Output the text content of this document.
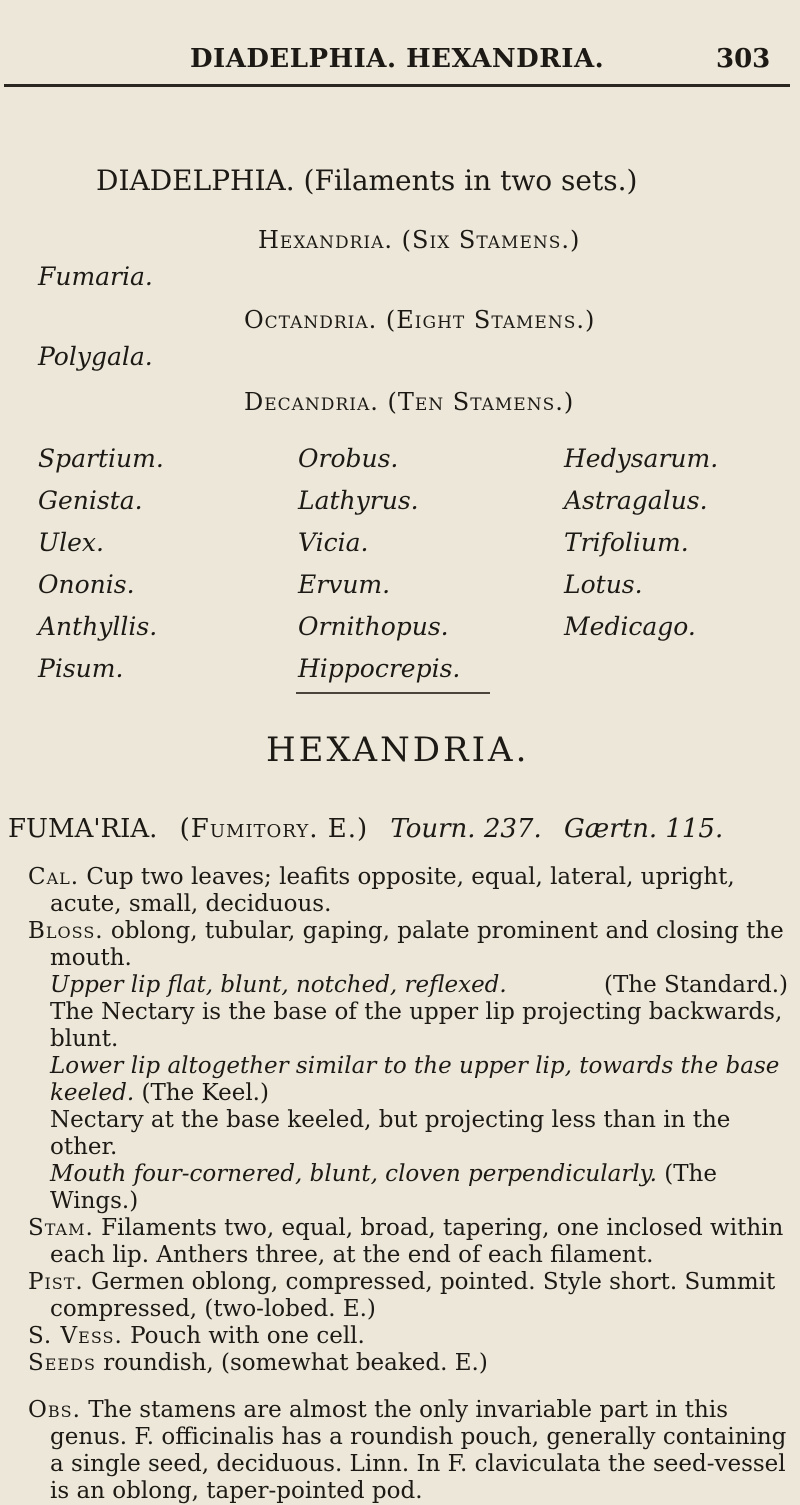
DIADELPHIA. HEXANDRIA.	303
DIADELPHIA. (Filaments in two sets.)
Hexandria. (Six Stamens.)
Octandria. (Eight Stamens.)
Decandria. (Ten Stamens.)
Fumaria.
Polygala.
Spartium.
Genista.
Ulex.
Ononis.
Anthyllis.
Pisum.
Orobus.
Lathyrus.
Vicia.
Ervum.
Ornithopus.
Hippocrepis.
Hedysarum.
Astragalus.
Trifolium.
Lotus.
Medicago.
HEXANDRIA.
FUMA'RIA. (Fumitory. E.) Tourn. 237. Gærtn. 115.

Cal. Cup two leaves; leafits opposite, equal, lateral, upright, acute, small, deciduous.

Bloss. oblong, tubular, gaping, palate prominent and closing the mouth.

Upper lip flat, blunt, notched, reflexed.	(The Standard.)

The Nectary is the base of the upper lip projecting backwards, blunt.

Lower lip altogether similar to the upper lip, towards the base keeled. (The Keel.)

Nectary at the base keeled, but projecting less than in the other.

Mouth four-cornered, blunt, cloven perpendicularly. (The Wings.)

Stam. Filaments two, equal, broad, tapering, one inclosed within each lip. Anthers three, at the end of each filament.

Pist. Germen oblong, compressed, pointed. Style short. Summit compressed, (two-lobed. E.)

S. Vess. Pouch with one cell.

Seeds roundish, (somewhat beaked. E.)

Obs. The stamens are almost the only invariable part in this genus. F. officinalis has a roundish pouch, generally containing a single seed, deciduous. Linn. In F. claviculata the seed-vessel is an oblong, taper-pointed pod.
